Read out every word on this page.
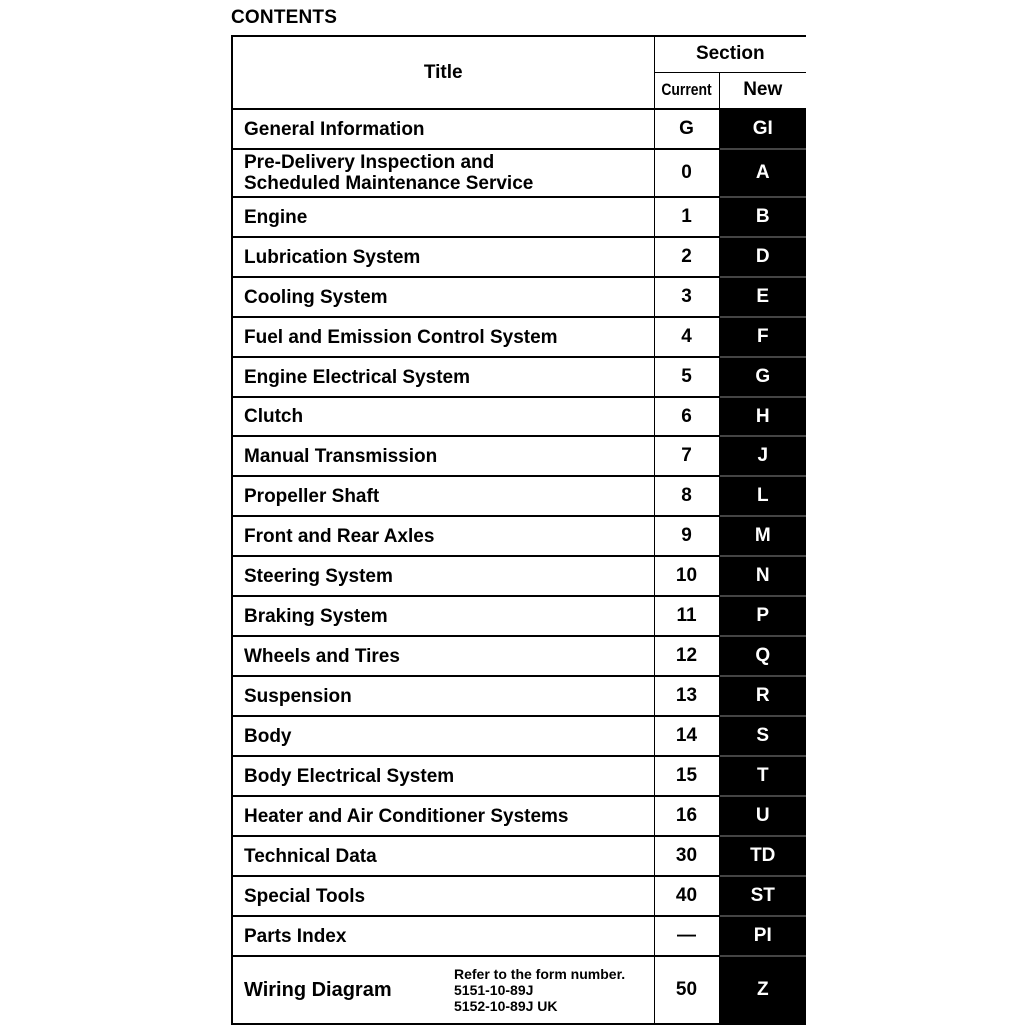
CONTENTS
Title	Section	
	Current	New

General Information	G	GI

Pre-Delivery Inspection and
Scheduled Maintenance Service	0	A

Engine	1	B

Lubrication System	2	D

Cooling System	3	E

Fuel and Emission Control System	4	F

Engine Electrical System	5	G

Clutch	6	H

Manual Transmission	7	J

Propeller Shaft	8	L

Front and Rear Axles	9	M

Steering System	10	N

Braking System	11	P

Wheels and Tires	12	Q

Suspension	13	R

Body	14	S

Body Electrical System	15	T

Heater and Air Conditioner Systems	16	U

Technical Data	30	TD

Special Tools	40	ST

Parts Index	—	PI

Wiring Diagram
Refer to the form number.
5151-10-89J
5152-10-89J UK	50	Z
